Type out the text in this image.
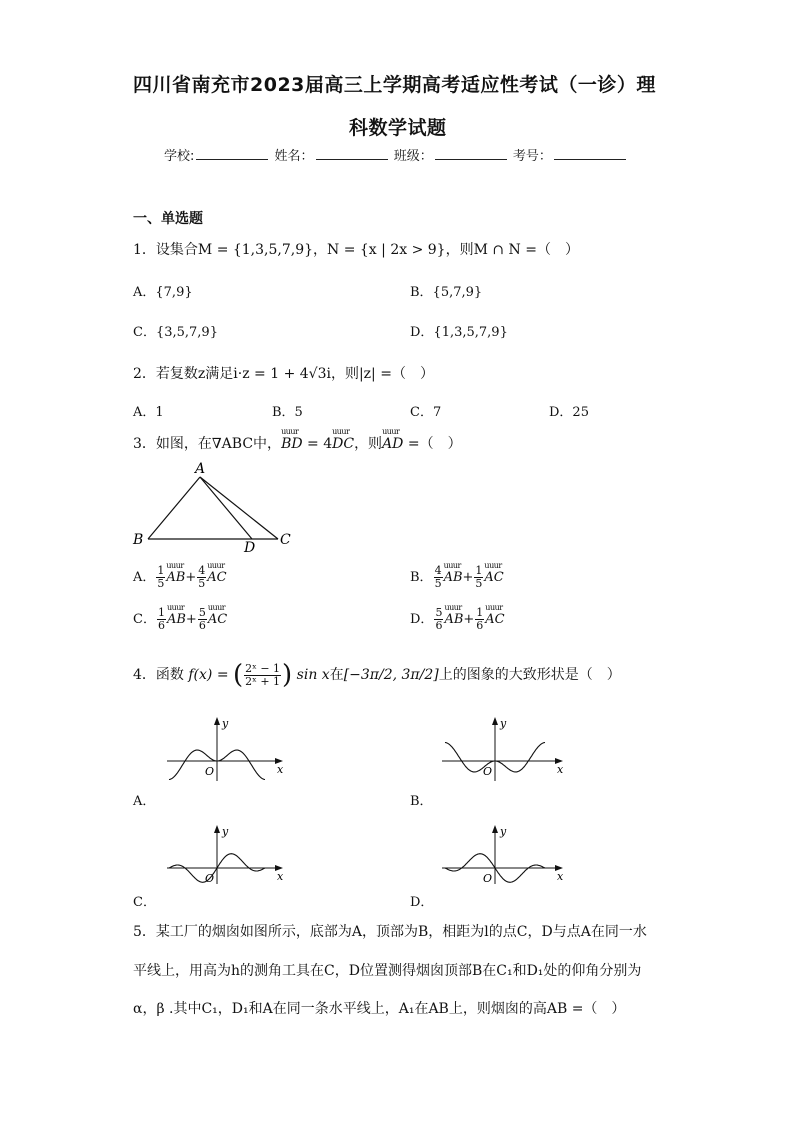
四川省南充市2023届高三上学期高考适应性考试（一诊）理
科数学试题
学校:	姓名：	班级：	考号：
一、单选题
1．设集合M = {1,3,5,7,9}，N = {x | 2x > 9}，则M ∩ N =（　）
A．{7,9}	B．{5,7,9}
C．{3,5,7,9}	D．{1,3,5,7,9}
2．若复数z满足i·z = 1 + 4√3i，则|z| =（　）
A．1	B．5	C．7	D．25
3．如图，在∇ABC中，uuur BD = 4uuur DC，则uuur AD =（　）
A
B	C
D
A． $\frac{1}{5}$ uuur $AB+ \frac{4}{5}$ uuur AC	B． $\frac{4}{5}$ uuur $AB+ \frac{1}{5}$ uuur AC
C． $\frac{1}{6}$ uuur $AB+ \frac{5}{6}$ uuur AC	D． $\frac{5}{6}$ uuur $AB+ \frac{1}{6}$ uuur AC
4．函数 f(x) = ( $\frac{\text{2ˣ − 1}}{\text{2ˣ + 1}}$ ) sin x在[−3π/2, 3π/2]上的图象的大致形状是（　）
x
y
O
A．
x
y
O
B．
x
y
O
C．
x
y
O
D．
5．某工厂的烟囱如图所示，底部为A，顶部为B，相距为l的点C，D与点A在同一水
平线上，用高为h的测角工具在C，D位置测得烟囱顶部B在C₁和D₁处的仰角分别为
α，β .其中C₁，D₁和A在同一条水平线上，A₁在AB上，则烟囱的高AB =（　）
